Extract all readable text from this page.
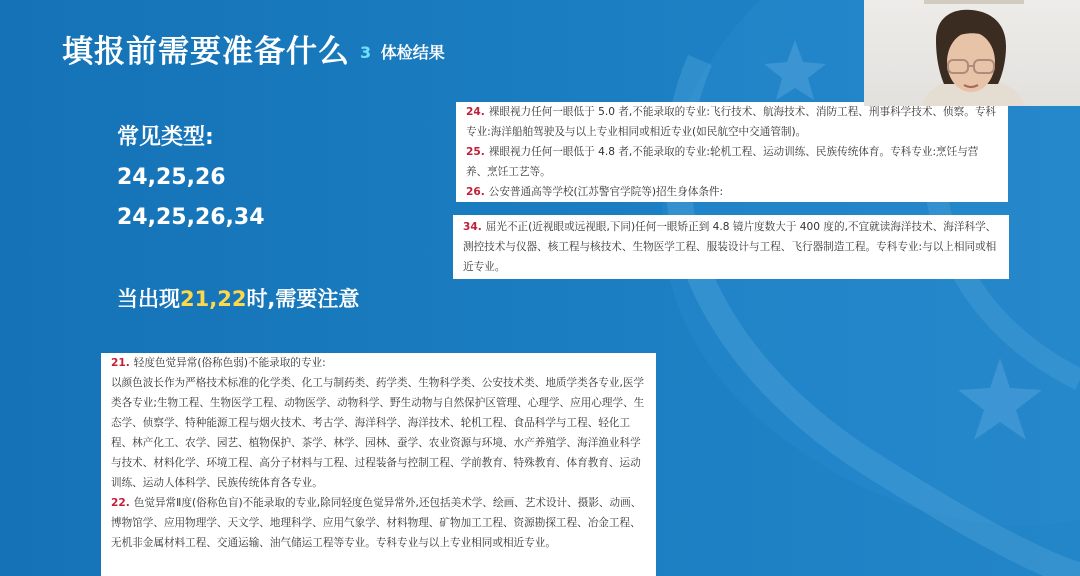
填报前需要准备什么 3 体检结果
常见类型:
24,25,26
24,25,26,34
当出现21,22时,需要注意
24. 裸眼视力任何一眼低于 5.0 者,不能录取的专业:飞行技术、航海技术、消防工程、刑事科学技术、侦察。专科专业:海洋船舶驾驶及与以上专业相同或相近专业(如民航空中交通管制)。
25. 裸眼视力任何一眼低于 4.8 者,不能录取的专业:轮机工程、运动训练、民族传统体育。专科专业:烹饪与营养、烹饪工艺等。
26. 公安普通高等学校(江苏警官学院等)招生身体条件:
34. 屈光不正(近视眼或远视眼,下同)任何一眼矫正到 4.8 镜片度数大于 400 度的,不宜就读海洋技术、海洋科学、测控技术与仪器、核工程与核技术、生物医学工程、服装设计与工程、飞行器制造工程。专科专业:与以上相同或相近专业。
21. 轻度色觉异常(俗称色弱)不能录取的专业:
以颜色波长作为严格技术标准的化学类、化工与制药类、药学类、生物科学类、公安技术类、地质学类各专业,医学类各专业;生物工程、生物医学工程、动物医学、动物科学、野生动物与自然保护区管理、心理学、应用心理学、生态学、侦察学、特种能源工程与烟火技术、考古学、海洋科学、海洋技术、轮机工程、食品科学与工程、轻化工程、林产化工、农学、园艺、植物保护、茶学、林学、园林、蚕学、农业资源与环境、水产养殖学、海洋渔业科学与技术、材料化学、环境工程、高分子材料与工程、过程装备与控制工程、学前教育、特殊教育、体育教育、运动训练、运动人体科学、民族传统体育各专业。
22. 色觉异常Ⅱ度(俗称色盲)不能录取的专业,除同轻度色觉异常外,还包括美术学、绘画、艺术设计、摄影、动画、博物馆学、应用物理学、天文学、地理科学、应用气象学、材料物理、矿物加工工程、资源勘探工程、冶金工程、无机非金属材料工程、交通运输、油气储运工程等专业。专科专业与以上专业相同或相近专业。
